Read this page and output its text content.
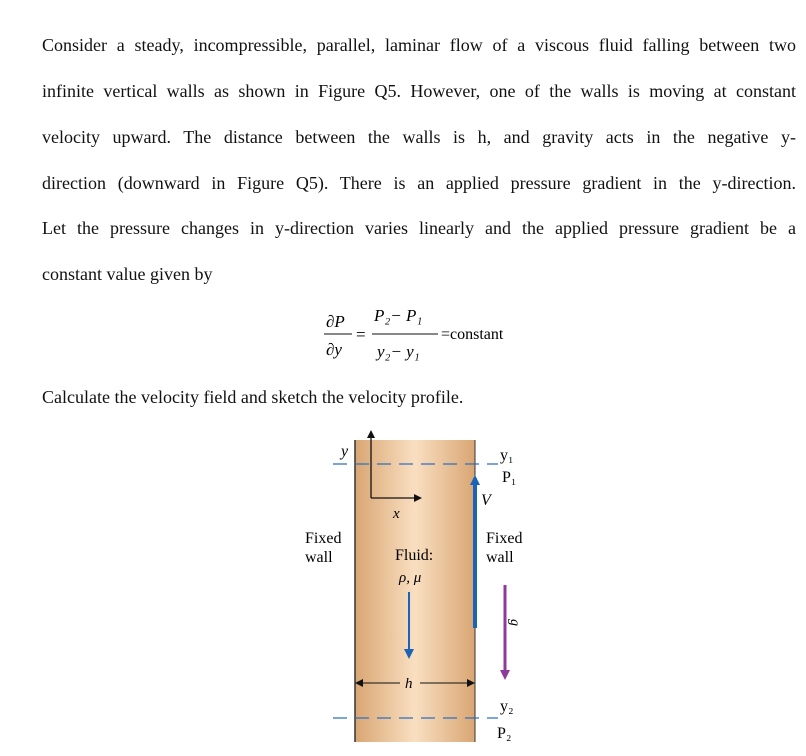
Consider a steady, incompressible, parallel, laminar flow of a viscous fluid falling between two
infinite vertical walls as shown in Figure Q5. However, one of the walls is moving at constant
velocity upward. The distance between the walls is h, and gravity acts in the negative y-
direction (downward in Figure Q5). There is an applied pressure gradient in the y-direction.
Let the pressure changes in y-direction varies linearly and the applied pressure gradient be a
constant value given by
∂P
∂y
=
P₂− P₁
y₂− y₁
=constant
Calculate the velocity field and sketch the velocity profile.
y
x
V
g
h
Fixed
wall
Fixed
wall
Fluid:
ρ, μ
y₁
P₁
y₂
P₂
